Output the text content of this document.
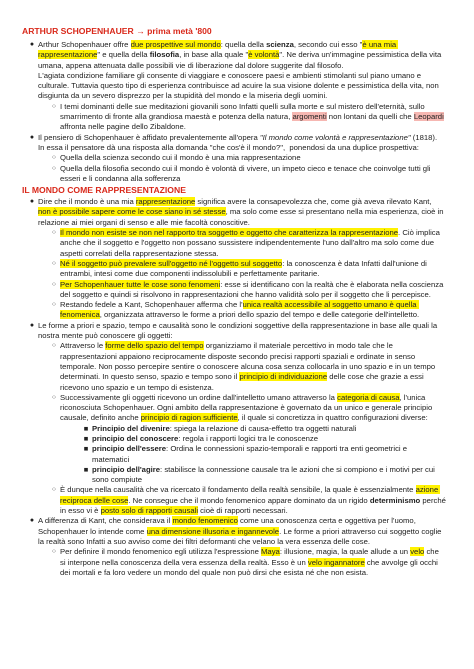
ARTHUR SCHOPENHAUER → prima metà '800
● Arthur Schopenhauer offre due prospettive sul mondo: quella della scienza, secondo cui esso "è una mia rappresentazione" e quella della filosofia, in base alla quale "è volontà". Ne deriva un'immagine pessimistica della vita umana, appena attenuata dalle possibili vie di liberazione dal dolore suggerite dal filosofo.
L'agiata condizione familiare gli consente di viaggiare e conoscere paesi e ambienti stimolanti sul piano umano e culturale. Tuttavia questo tipo di esperienza contribuisce ad acuire la sua visione dolente e pessimistica della vita, non disgiunta da un severo disprezzo per la stupidità del mondo e la miseria degli uomini.
○ I temi dominanti delle sue meditazioni giovanili sono Infatti quelli sulla morte e sul mistero dell'eternità, sullo smarrimento di fronte alla grandiosa maestà e potenza della natura, argomenti non lontani da quelli che Leopardi affronta nelle pagine dello Zibaldone.
● Il pensiero di Schopenhauer è affidato prevalentemente all'opera "Il mondo come volontà e rappresentazione" (1818).  In essa il pensatore dà una risposta alla domanda "che cos'è il mondo?",  ponendosi da una duplice prospettiva:
○ Quella della scienza secondo cui il mondo è una mia rappresentazione
○ Quella della filosofia secondo cui il mondo è volontà di vivere, un impeto cieco e tenace che coinvolge tutti gli esseri e li condanna alla sofferenza
IL MONDO COME RAPPRESENTAZIONE
● Dire che il mondo è una mia rappresentazione significa avere la consapevolezza che, come già aveva rilevato Kant, non è possibile sapere come le cose siano in sé stesse, ma solo come esse si presentano nella mia esperienza, cioè in relazione ai miei organi di senso e alle mie facoltà conoscitive.
○ Il mondo non esiste se non nel rapporto tra soggetto e oggetto che caratterizza la rappresentazione. Ciò implica anche che il soggetto e l'oggetto non possano sussistere indipendentemente l'uno dall'altro ma solo come due aspetti correlati della rappresentazione stessa.
○ Né il soggetto può prevalere sull'oggetto né l'oggetto sul soggetto: la conoscenza è data Infatti dall'unione di entrambi, intesi come due componenti indissolubili e perfettamente paritarie.
○ Per Schopenhauer tutte le cose sono fenomeni: esse si identificano con la realtà che è elaborata nella coscienza del soggetto e quindi si risolvono in rappresentazioni che hanno validità solo per il soggetto che li percepisce.
○ Restando fedele a Kant, Schopenhauer afferma che l'unica realtà accessibile al soggetto umano è quella fenomenica, organizzata attraverso le forme a priori dello spazio del tempo e delle categorie dell'intelletto.
● Le forme a priori e spazio, tempo e causalità sono le condizioni soggettive della rappresentazione in base alle quali la nostra mente può conoscere gli oggetti:
○ Attraverso le forme dello spazio del tempo organizziamo il materiale percettivo in modo tale che le rappresentazioni appaiono reciprocamente disposte secondo precisi rapporti spaziali e ordinate in senso temporale. Non posso percepire sentire o conoscere alcuna cosa senza collocarla in uno spazio e in un tempo determinati. In questo senso, spazio e tempo sono il principio di individuazione delle cose che grazie a essi ricevono uno spazio e un tempo di esistenza.
○ Successivamente gli oggetti ricevono un ordine dall'intelletto umano attraverso la categoria di causa, l'unica riconosciuta Schopenhauer. Ogni ambito della rappresentazione è governato da un unico e generale principio causale, definito anche principio di ragion sufficiente, il quale si concretizza in quattro configurazioni diverse:
■ Principio del divenire: spiega la relazione di causa-effetto tra oggetti naturali
■ principio del conoscere: regola i rapporti logici tra le conoscenze
■ principio dell'essere: Ordina le connessioni spazio-temporali e rapporti tra enti geometrici e matematici
■ principio dell'agire: stabilisce la connessione causale tra le azioni che si compiono e i motivi per cui sono compiute
○ È dunque nella causalità che va ricercato il fondamento della realtà sensibile, la quale è essenzialmente azione reciproca delle cose. Ne consegue che il mondo fenomenico appare dominato da un rigido determinismo perché in esso vi è posto solo di rapporti causali cioè di rapporti necessari.
● A differenza di Kant, che considerava il mondo fenomenico come una conoscenza certa e oggettiva per l'uomo, Schopenhauer lo intende come una dimensione illusoria e ingannevole. Le forme a priori attraverso cui soggetto coglie la realtà sono Infatti a suo avviso come dei filtri deformanti che velano la vera essenza delle cose.
○ Per definire il mondo fenomenico egli utilizza l'espressione Maya: illusione, magia, la quale allude a un velo che si interpone nella conoscenza della vera essenza della realtà. Esso è un velo ingannatore che avvolge gli occhi dei mortali e fa loro vedere un mondo del quale non può dirsi che esista né che non esista.
